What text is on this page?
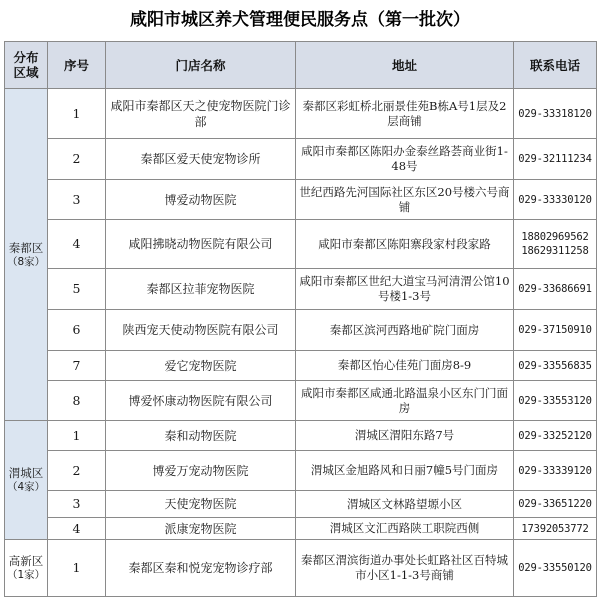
咸阳市城区养犬管理便民服务点（第一批次）
分布
区域	序号	门店名称	地址	联系电话

秦都区
（8家）	1	咸阳市秦都区天之使宠物医院门诊部	秦都区彩虹桥北丽景佳苑B栋A号1层及2层商铺	029-33318120
	2	秦都区爱天使宠物诊所	咸阳市秦都区陈阳办金泰丝路荟商业街1-48号	029-32111234
	3	博爱动物医院	世纪西路先河国际社区东区20号楼六号商铺	029-33330120
	4	咸阳拂晓动物医院有限公司	咸阳市秦都区陈阳寨段家村段家路	18802969562
18629311258
	5	秦都区拉菲宠物医院	咸阳市秦都区世纪大道宝马河清渭公馆10号楼1-3号	029-33686691
	6	陕西宠天使动物医院有限公司	秦都区滨河西路地矿院门面房	029-37150910
	7	爱它宠物医院	秦都区怡心佳苑门面房8-9	029-33556835
	8	博爱怀康动物医院有限公司	咸阳市秦都区咸通北路温泉小区东门门面房	029-33553120

渭城区
（4家）	1	秦和动物医院	渭城区渭阳东路7号	029-33252120
	2	博爱万宠动物医院	渭城区金旭路风和日丽7幢5号门面房	029-33339120
	3	天使宠物医院	渭城区文林路望塬小区	029-33651220
	4	派康宠物医院	渭城区文汇西路陕工职院西侧	17392053772

高新区
（1家）	1	秦都区秦和悦宠宠物诊疗部	秦都区渭滨街道办事处长虹路社区百特城市小区1-1-3号商铺	029-33550120
